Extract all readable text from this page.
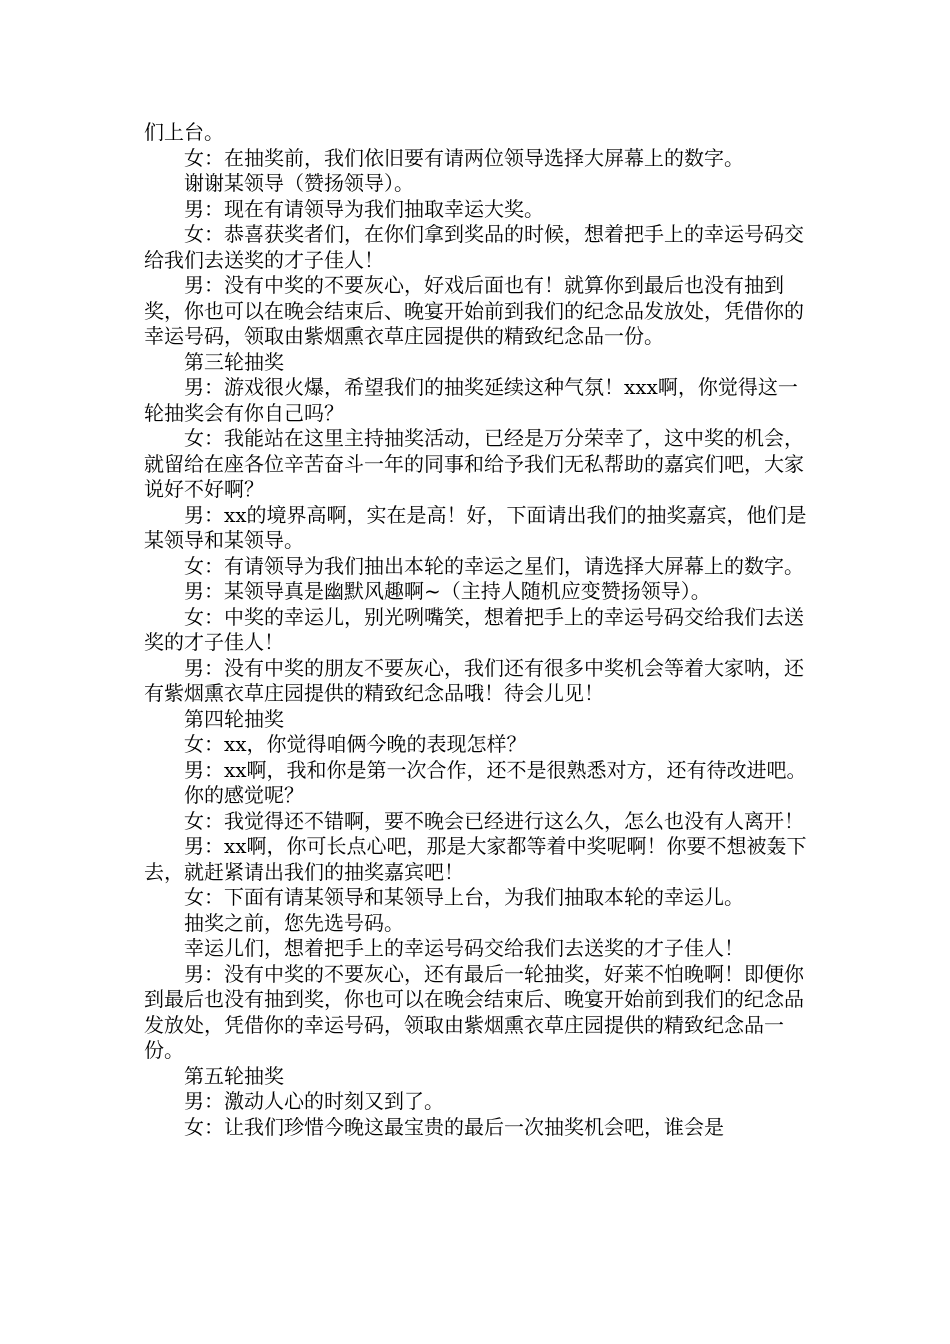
们上台。

女：在抽奖前，我们依旧要有请两位领导选择大屏幕上的数字。

谢谢某领导（赞扬领导）。

男：现在有请领导为我们抽取幸运大奖。

女：恭喜获奖者们，在你们拿到奖品的时候，想着把手上的幸运号码交给我们去送奖的才子佳人！

男：没有中奖的不要灰心，好戏后面也有！就算你到最后也没有抽到奖，你也可以在晚会结束后、晚宴开始前到我们的纪念品发放处，凭借你的幸运号码，领取由紫烟熏衣草庄园提供的精致纪念品一份。

第三轮抽奖

男：游戏很火爆，希望我们的抽奖延续这种气氛！xxx啊，你觉得这一轮抽奖会有你自己吗？

女：我能站在这里主持抽奖活动，已经是万分荣幸了，这中奖的机会，就留给在座各位辛苦奋斗一年的同事和给予我们无私帮助的嘉宾们吧，大家说好不好啊？

男：xx的境界高啊，实在是高！好，下面请出我们的抽奖嘉宾，他们是某领导和某领导。

女：有请领导为我们抽出本轮的幸运之星们，请选择大屏幕上的数字。

男：某领导真是幽默风趣啊~（主持人随机应变赞扬领导）。

女：中奖的幸运儿，别光咧嘴笑，想着把手上的幸运号码交给我们去送奖的才子佳人！

男：没有中奖的朋友不要灰心，我们还有很多中奖机会等着大家呐，还有紫烟熏衣草庄园提供的精致纪念品哦！待会儿见！

第四轮抽奖

女：xx，你觉得咱俩今晚的表现怎样？

男：xx啊，我和你是第一次合作，还不是很熟悉对方，还有待改进吧。

你的感觉呢？

女：我觉得还不错啊，要不晚会已经进行这么久，怎么也没有人离开！

男：xx啊，你可长点心吧，那是大家都等着中奖呢啊！你要不想被轰下去，就赶紧请出我们的抽奖嘉宾吧！

女：下面有请某领导和某领导上台，为我们抽取本轮的幸运儿。

抽奖之前，您先选号码。

幸运儿们，想着把手上的幸运号码交给我们去送奖的才子佳人！

男：没有中奖的不要灰心，还有最后一轮抽奖，好莱不怕晚啊！即便你到最后也没有抽到奖，你也可以在晚会结束后、晚宴开始前到我们的纪念品发放处，凭借你的幸运号码，领取由紫烟熏衣草庄园提供的精致纪念品一份。

第五轮抽奖

男：激动人心的时刻又到了。

女：让我们珍惜今晚这最宝贵的最后一次抽奖机会吧，谁会是
